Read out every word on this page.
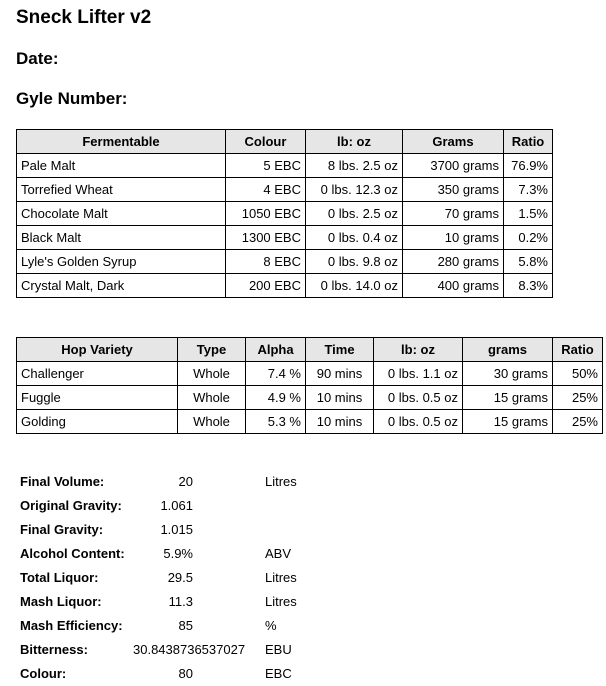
Sneck Lifter v2
Date:
Gyle Number:
Fermentable	Colour	lb: oz	Grams	Ratio
Pale Malt	5 EBC	8 lbs. 2.5 oz	3700 grams	76.9%
Torrefied Wheat	4 EBC	0 lbs. 12.3 oz	350 grams	7.3%
Chocolate Malt	1050 EBC	0 lbs. 2.5 oz	70 grams	1.5%
Black Malt	1300 EBC	0 lbs. 0.4 oz	10 grams	0.2%
Lyle's Golden Syrup	8 EBC	0 lbs. 9.8 oz	280 grams	5.8%
Crystal Malt, Dark	200 EBC	0 lbs. 14.0 oz	400 grams	8.3%
Hop Variety	Type	Alpha	Time	lb: oz	grams	Ratio
Challenger	Whole	7.4 %	90 mins	0 lbs. 1.1 oz	30 grams	50%
Fuggle	Whole	4.9 %	10 mins	0 lbs. 0.5 oz	15 grams	25%
Golding	Whole	5.3 %	10 mins	0 lbs. 0.5 oz	15 grams	25%
Final Volume:	20	Litres
Original Gravity:	1.061
Final Gravity:	1.015
Alcohol Content:	5.9%	ABV
Total Liquor:	29.5	Litres
Mash Liquor:	11.3	Litres
Mash Efficiency:	85	%
Bitterness:	30.8438736537027 EBU
Colour:	80	EBC
